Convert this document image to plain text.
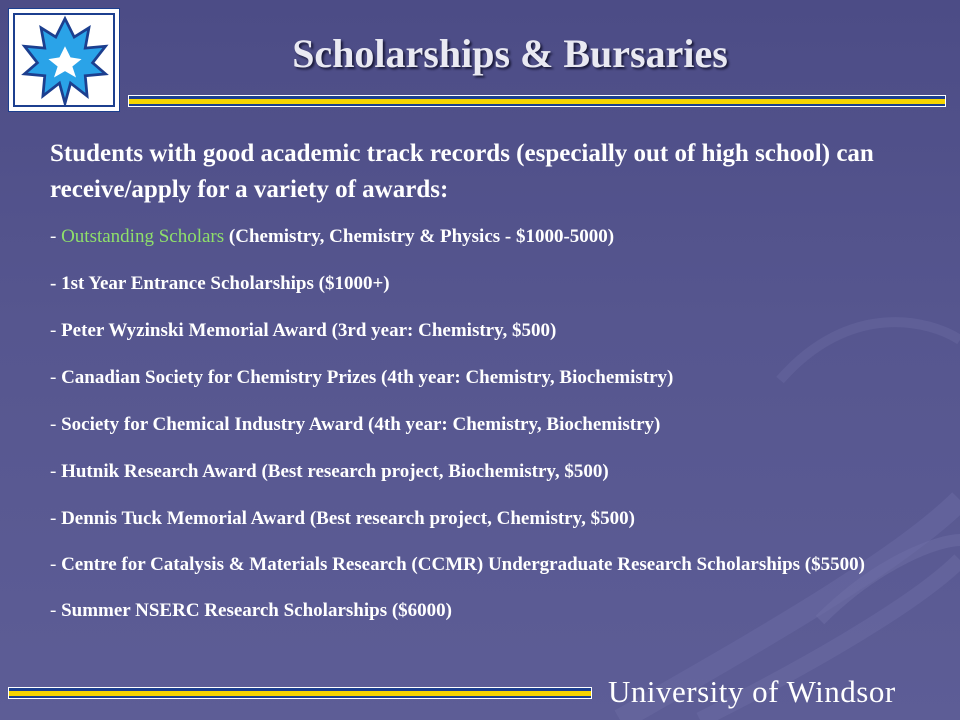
Scholarships & Bursaries

Students with good academic track records (especially out of high school) can receive/apply for a variety of awards:

- Outstanding Scholars (Chemistry, Chemistry & Physics - $1000-5000)
- 1st Year Entrance Scholarships ($1000+)
- Peter Wyzinski Memorial Award (3rd year: Chemistry, $500)
- Canadian Society for Chemistry Prizes (4th year: Chemistry, Biochemistry)
- Society for Chemical Industry Award (4th year: Chemistry, Biochemistry)
- Hutnik Research Award (Best research project, Biochemistry, $500)
- Dennis Tuck Memorial Award (Best research project, Chemistry, $500)
- Centre for Catalysis & Materials Research (CCMR) Undergraduate Research Scholarships ($5500)
- Summer NSERC Research Scholarships ($6000)
University of Windsor
